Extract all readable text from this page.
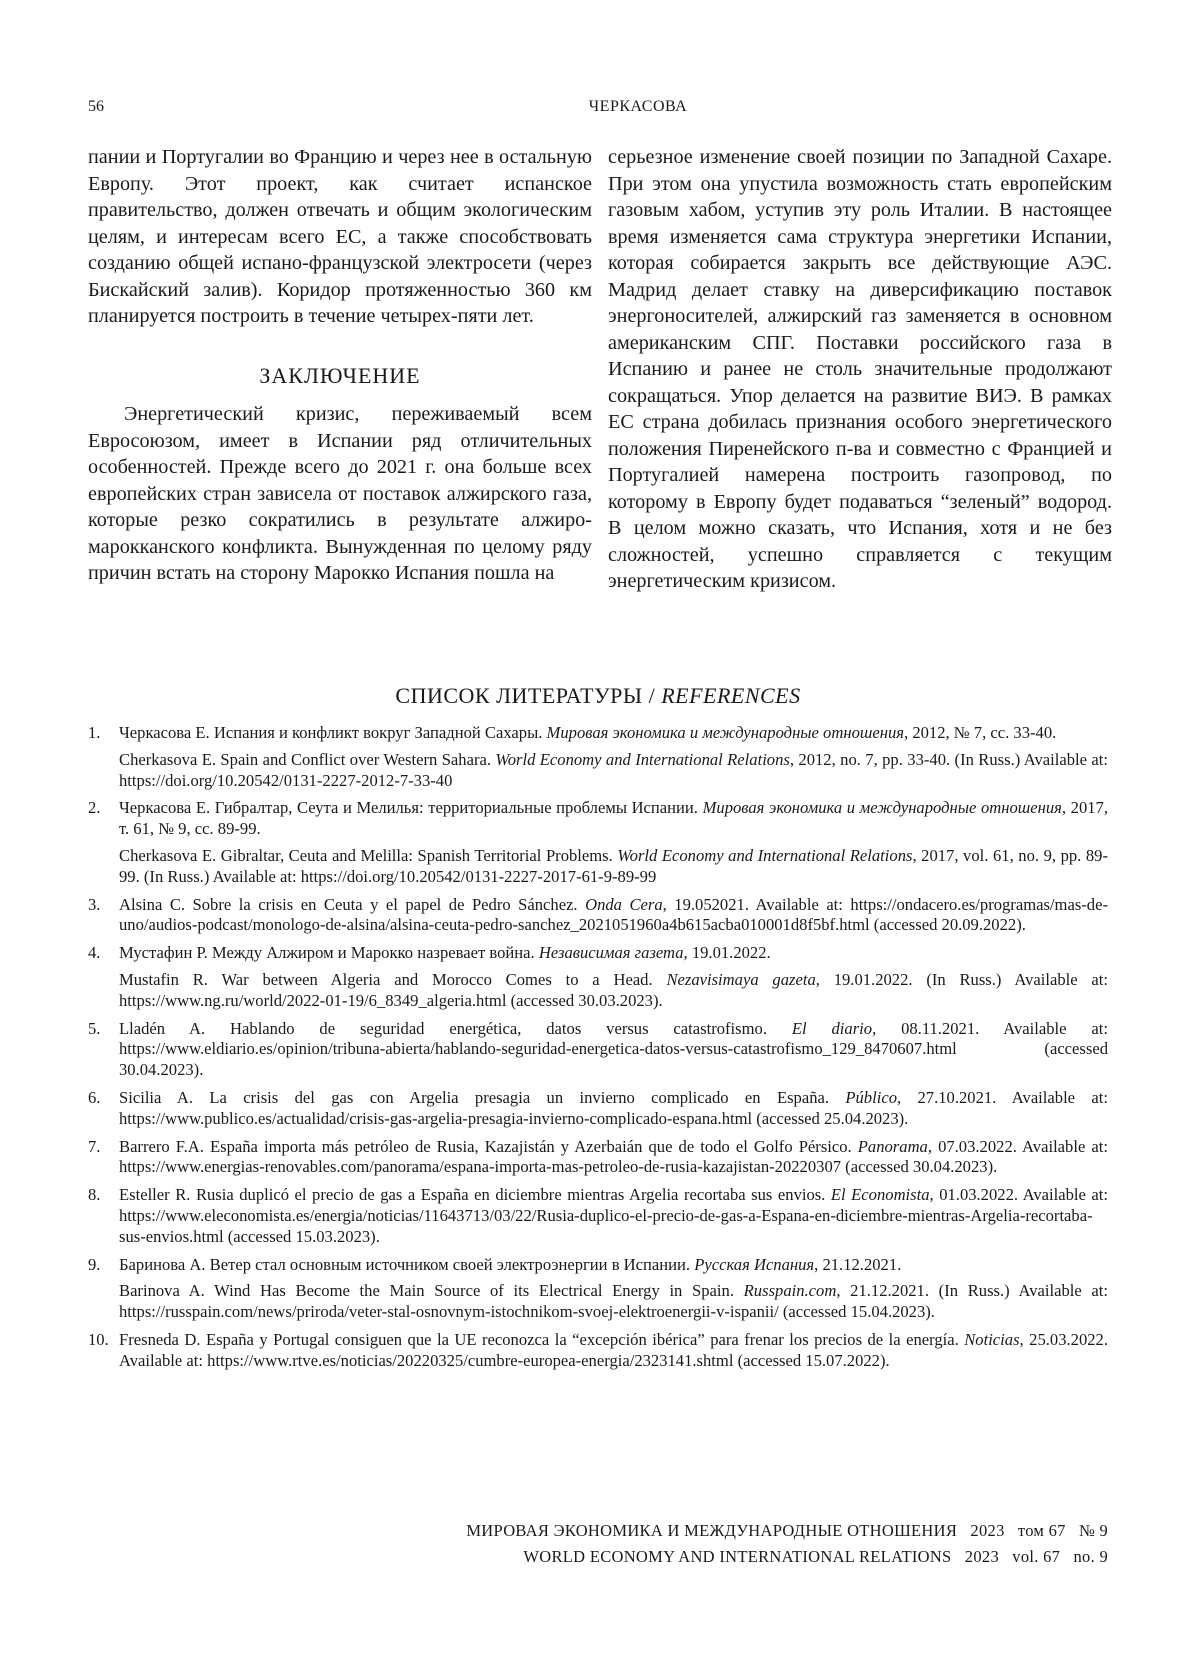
56	ЧЕРКАСОВА

пании и Португалии во Францию и через нее в остальную Европу. Этот проект, как считает испанское правительство, должен отвечать и общим экологическим целям, и интересам всего ЕС, а также способствовать созданию общей испано-французской электросети (через Бискайский залив). Коридор протяженностью 360 км планируется построить в течение четырех-пяти лет.

ЗАКЛЮЧЕНИЕ

Энергетический кризис, переживаемый всем Евросоюзом, имеет в Испании ряд отличительных особенностей. Прежде всего до 2021 г. она больше всех европейских стран зависела от поставок алжирского газа, которые резко сократились в результате алжиро-марокканского конфликта. Вынужденная по целому ряду причин встать на сторону Марокко Испания пошла на

серьезное изменение своей позиции по Западной Сахаре. При этом она упустила возможность стать европейским газовым хабом, уступив эту роль Италии. В настоящее время изменяется сама структура энергетики Испании, которая собирается закрыть все действующие АЭС. Мадрид делает ставку на диверсификацию поставок энергоносителей, алжирский газ заменяется в основном американским СПГ. Поставки российского газа в Испанию и ранее не столь значительные продолжают сокращаться. Упор делается на развитие ВИЭ. В рамках ЕС страна добилась признания особого энергетического положения Пиренейского п-ва и совместно с Францией и Португалией намерена построить газопровод, по которому в Европу будет подаваться “зеленый” водород. В целом можно сказать, что Испания, хотя и не без сложностей, успешно справляется с текущим энергетическим кризисом.

СПИСОК ЛИТЕРАТУРЫ / REFERENCES
1. Черкасова Е. Испания и конфликт вокруг Западной Сахары. Мировая экономика и международные отношения, 2012, № 7, сс. 33-40.
Cherkasova E. Spain and Conflict over Western Sahara. World Economy and International Relations, 2012, no. 7, pp. 33-40. (In Russ.) Available at: https://doi.org/10.20542/0131-2227-2012-7-33-40
2. Черкасова Е. Гибралтар, Сеута и Мелилья: территориальные проблемы Испании. Мировая экономика и международные отношения, 2017, т. 61, № 9, сс. 89-99.
Cherkasova E. Gibraltar, Ceuta and Melilla: Spanish Territorial Problems. World Economy and International Relations, 2017, vol. 61, no. 9, pp. 89-99. (In Russ.) Available at: https://doi.org/10.20542/0131-2227-2017-61-9-89-99
3. Alsina C. Sobre la crisis en Ceuta y el papel de Pedro Sánchez. Onda Cera, 19.052021. Available at: https://ondacero.es/programas/mas-de-uno/audios-podcast/monologo-de-alsina/alsina-ceuta-pedro-sanchez_2021051960a4b615acba010001d8f5bf.html (accessed 20.09.2022).
4. Мустафин Р. Между Алжиром и Марокко назревает война. Независимая газета, 19.01.2022.
Mustafin R. War between Algeria and Morocco Comes to a Head. Nezavisimaya gazeta, 19.01.2022. (In Russ.) Available at: https://www.ng.ru/world/2022-01-19/6_8349_algeria.html (accessed 30.03.2023).
5. Lladén A. Hablando de seguridad energética, datos versus catastrofismo. El diario, 08.11.2021. Available at: https://www.eldiario.es/opinion/tribuna-abierta/hablando-seguridad-energetica-datos-versus-catastrofismo_129_8470607.html (accessed 30.04.2023).
6. Sicilia A. La crisis del gas con Argelia presagia un invierno complicado en España. Público, 27.10.2021. Available at: https://www.publico.es/actualidad/crisis-gas-argelia-presagia-invierno-complicado-espana.html (accessed 25.04.2023).
7. Barrero F.A. España importa más petróleo de Rusia, Kazajistán y Azerbaián que de todo el Golfo Pérsico. Panorama, 07.03.2022. Available at: https://www.energias-renovables.com/panorama/espana-importa-mas-petroleo-de-rusia-kazajistan-20220307 (accessed 30.04.2023).
8. Esteller R. Rusia duplicó el precio de gas a España en diciembre mientras Argelia recortaba sus envios. El Economista, 01.03.2022. Available at: https://www.eleconomista.es/energia/noticias/11643713/03/22/Rusia-duplico-el-precio-de-gas-a-Espana-en-diciembre-mientras-Argelia-recortaba-sus-envios.html (accessed 15.03.2023).
9. Баринова А. Ветер стал основным источником своей электроэнергии в Испании. Русская Испания, 21.12.2021.
Barinova A. Wind Has Become the Main Source of its Electrical Energy in Spain. Russpain.com, 21.12.2021. (In Russ.) Available at: https://russpain.com/news/priroda/veter-stal-osnovnym-istochnikom-svoej-elektroenergii-v-ispanii/ (accessed 15.04.2023).
10. Fresneda D. España y Portugal consiguen que la UE reconozca la “excepción ibérica” para frenar los precios de la energía. Noticias, 25.03.2022. Available at: https://www.rtve.es/noticias/20220325/cumbre-europea-energia/2323141.shtml (accessed 15.07.2022).
МИРОВАЯ ЭКОНОМИКА И МЕЖДУНАРОДНЫЕ ОТНОШЕНИЯ   2023   том 67   № 9
WORLD ECONOMY AND INTERNATIONAL RELATIONS   2023   vol. 67   no. 9
